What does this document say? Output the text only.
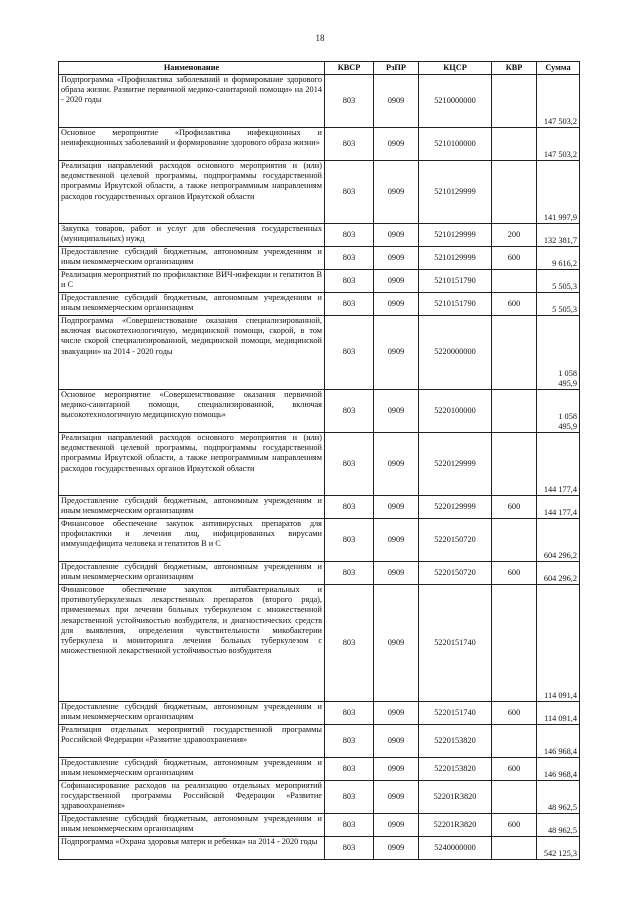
18
Наименование	КВСР	РзПР	КЦСР	КВР	Сумма
Подпрограмма «Профилактика заболеваний и формирование здорового образа жизни. Развитие первичной медико-санитарной помощи» на 2014 - 2020 годы	803	0909	5210000000		147 503,2
Основное мероприятие «Профилактика инфекционных и неинфекционных заболеваний и формирование здорового образа жизни»	803	0909	5210100000		147 503,2
Реализация направлений расходов основного мероприятия и (или) ведомственной целевой программы, подпрограммы государственной программы Иркутской области, а также непрограммным направлениям расходов государственных органов Иркутской области	803	0909	5210129999		141 997,9
Закупка товаров, работ и услуг для обеспечения государственных (муниципальных) нужд	803	0909	5210129999	200	132 381,7
Предоставление субсидий бюджетным, автономным учреждениям и иным некоммерческим организациям	803	0909	5210129999	600	9 616,2
Реализация мероприятий по профилактике ВИЧ-инфекции и гепатитов В и С	803	0909	5210151790		5 505,3
Предоставление субсидий бюджетным, автономным учреждениям и иным некоммерческим организациям	803	0909	5210151790	600	5 505,3
Подпрограмма «Совершенствование оказания специализированной, включая высокотехнологичную, медицинской помощи, скорой, в том числе скорой специализированной, медицинской помощи, медицинской эвакуации» на 2014 - 2020 годы	803	0909	5220000000		1 058 495,9
Основное мероприятие «Совершенствование оказания первичной медико-санитарной помощи, специализированной, включая высокотехнологичную медицинскую помощь»	803	0909	5220100000		1 058 495,9
Реализация направлений расходов основного мероприятия и (или) ведомственной целевой программы, подпрограммы государственной программы Иркутской области, а также непрограммным направлениям расходов государственных органов Иркутской области	803	0909	5220129999		144 177,4
Предоставление субсидий бюджетным, автономным учреждениям и иным некоммерческим организациям	803	0909	5220129999	600	144 177,4
Финансовое обеспечение закупок антивирусных препаратов для профилактики и лечения лиц, инфицированных вирусами иммунодефицита человека и гепатитов В и С	803	0909	5220150720		604 296,2
Предоставление субсидий бюджетным, автономным учреждениям и иным некоммерческим организациям	803	0909	5220150720	600	604 296,2
Финансовое обеспечение закупок антибактериальных и противотуберкулезных лекарственных препаратов (второго ряда), применяемых при лечении больных туберкулезом с множественной лекарственной устойчивостью возбудителя, и диагностических средств для выявления, определения чувствительности микобактерии туберкулеза и мониторинга лечения больных туберкулезом с множественной лекарственной устойчивостью возбудителя	803	0909	5220151740		114 091,4
Предоставление субсидий бюджетным, автономным учреждениям и иным некоммерческим организациям	803	0909	5220151740	600	114 091,4
Реализация отдельных мероприятий государственной программы Российской Федерации «Развитие здравоохранения»	803	0909	5220153820		146 968,4
Предоставление субсидий бюджетным, автономным учреждениям и иным некоммерческим организациям	803	0909	5220153820	600	146 968,4
Софинансирование расходов на реализацию отдельных мероприятий государственной программы Российской Федерации «Развитие здравоохранения»	803	0909	52201R3820		48 962,5
Предоставление субсидий бюджетным, автономным учреждениям и иным некоммерческим организациям	803	0909	52201R3820	600	48 962,5
Подпрограмма «Охрана здоровья матери и ребенка» на 2014 - 2020 годы	803	0909	5240000000		542 125,3
